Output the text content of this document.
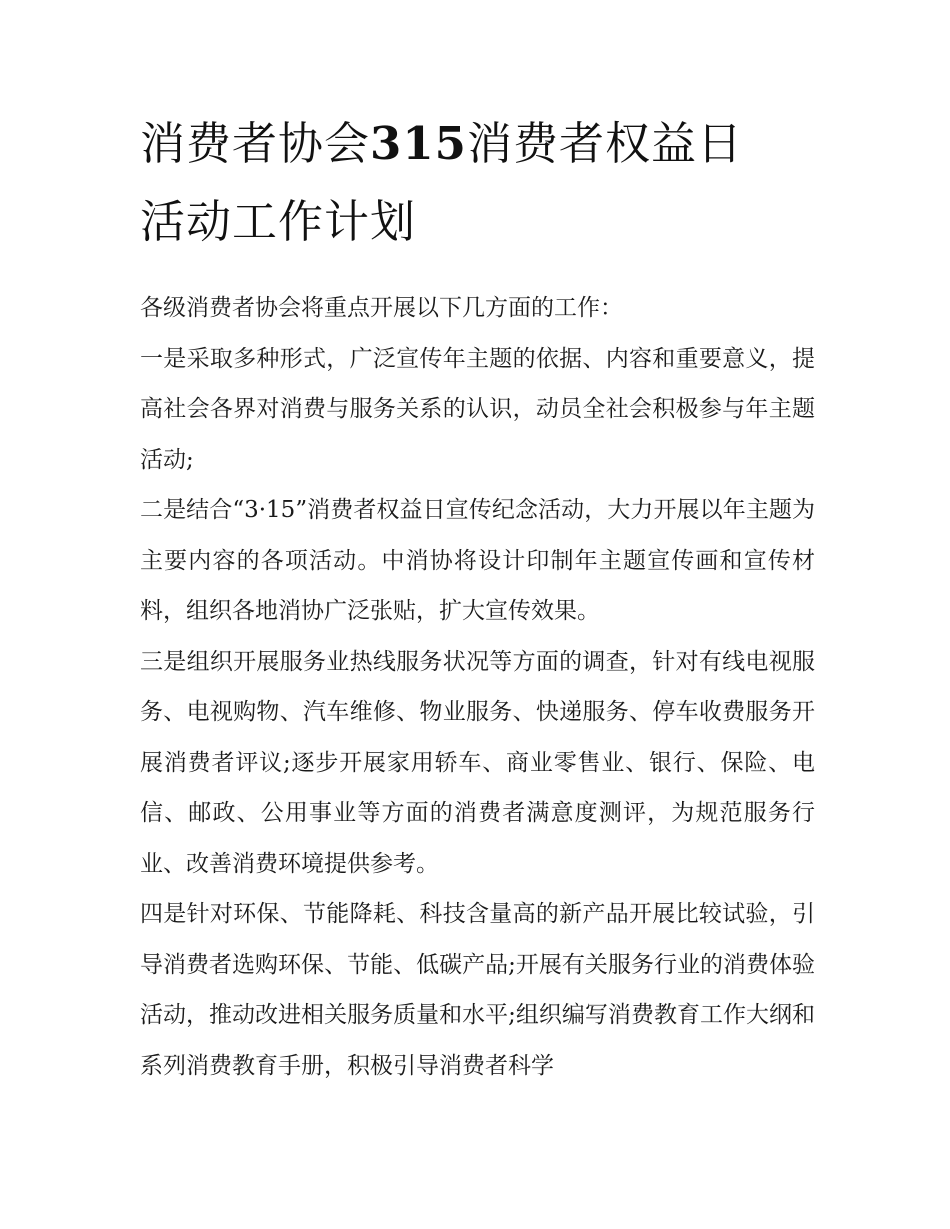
消费者协会315消费者权益日
活动工作计划

各级消费者协会将重点开展以下几方面的工作：

一是采取多种形式，广泛宣传年主题的依据、内容和重要意义，提高社会各界对消费与服务关系的认识，动员全社会积极参与年主题活动;

二是结合“3·15”消费者权益日宣传纪念活动，大力开展以年主题为主要内容的各项活动。中消协将设计印制年主题宣传画和宣传材料，组织各地消协广泛张贴，扩大宣传效果。

三是组织开展服务业热线服务状况等方面的调查，针对有线电视服务、电视购物、汽车维修、物业服务、快递服务、停车收费服务开展消费者评议;逐步开展家用轿车、商业零售业、银行、保险、电信、邮政、公用事业等方面的消费者满意度测评，为规范服务行业、改善消费环境提供参考。

四是针对环保、节能降耗、科技含量高的新产品开展比较试验，引导消费者选购环保、节能、低碳产品;开展有关服务行业的消费体验活动，推动改进相关服务质量和水平;组织编写消费教育工作大纲和系列消费教育手册，积极引导消费者科学
